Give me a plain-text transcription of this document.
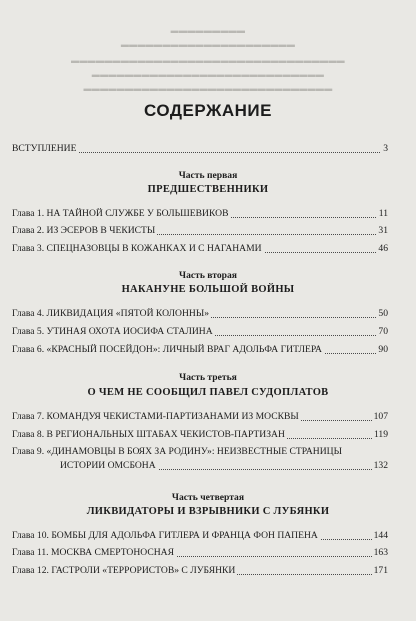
▬▬▬▬▬▬▬▬▬
▬▬▬▬▬▬▬▬▬▬▬▬▬▬▬▬▬▬▬▬▬
▬▬▬▬▬▬▬▬▬▬▬▬▬▬▬▬▬▬▬▬▬▬▬▬▬▬▬▬▬▬▬▬▬
▬▬▬▬▬▬▬▬▬▬▬▬▬▬▬▬▬▬▬▬▬▬▬▬▬▬▬▬
▬▬▬▬▬▬▬▬▬▬▬▬▬▬▬▬▬▬▬▬▬▬▬▬▬▬▬▬▬▬
СОДЕРЖАНИЕ
ВСТУПЛЕНИЕ	3
Часть первая
ПРЕДШЕСТВЕННИКИ
Глава 1. НА ТАЙНОЙ СЛУЖБЕ У БОЛЬШЕВИКОВ	11
Глава 2. ИЗ ЭСЕРОВ В ЧЕКИСТЫ	31
Глава 3. СПЕЦНАЗОВЦЫ В КОЖАНКАХ И С НАГАНАМИ	46
Часть вторая
НАКАНУНЕ БОЛЬШОЙ ВОЙНЫ
Глава 4. ЛИКВИДАЦИЯ «ПЯТОЙ КОЛОННЫ»	50
Глава 5. УТИНАЯ ОХОТА ИОСИФА СТАЛИНА	70
Глава 6. «КРАСНЫЙ ПОСЕЙДОН»: ЛИЧНЫЙ ВРАГ АДОЛЬФА ГИТЛЕРА	90
Часть третья
О ЧЕМ НЕ СООБЩИЛ ПАВЕЛ СУДОПЛАТОВ
Глава 7. КОМАНДУЯ ЧЕКИСТАМИ-ПАРТИЗАНАМИ ИЗ МОСКВЫ	107
Глава 8. В РЕГИОНАЛЬНЫХ ШТАБАХ ЧЕКИСТОВ-ПАРТИЗАН	119
Глава 9. «ДИНАМОВЦЫ В БОЯХ ЗА РОДИНУ»: НЕИЗВЕСТНЫЕ СТРАНИЦЫ
ИСТОРИИ ОМСБОНА	132
Часть четвертая
ЛИКВИДАТОРЫ И ВЗРЫВНИКИ С ЛУБЯНКИ
Глава 10. БОМБЫ ДЛЯ АДОЛЬФА ГИТЛЕРА И ФРАНЦА ФОН ПАПЕНА	144
Глава 11. МОСКВА СМЕРТОНОСНАЯ	163
Глава 12. ГАСТРОЛИ «ТЕРРОРИСТОВ» С ЛУБЯНКИ	171
